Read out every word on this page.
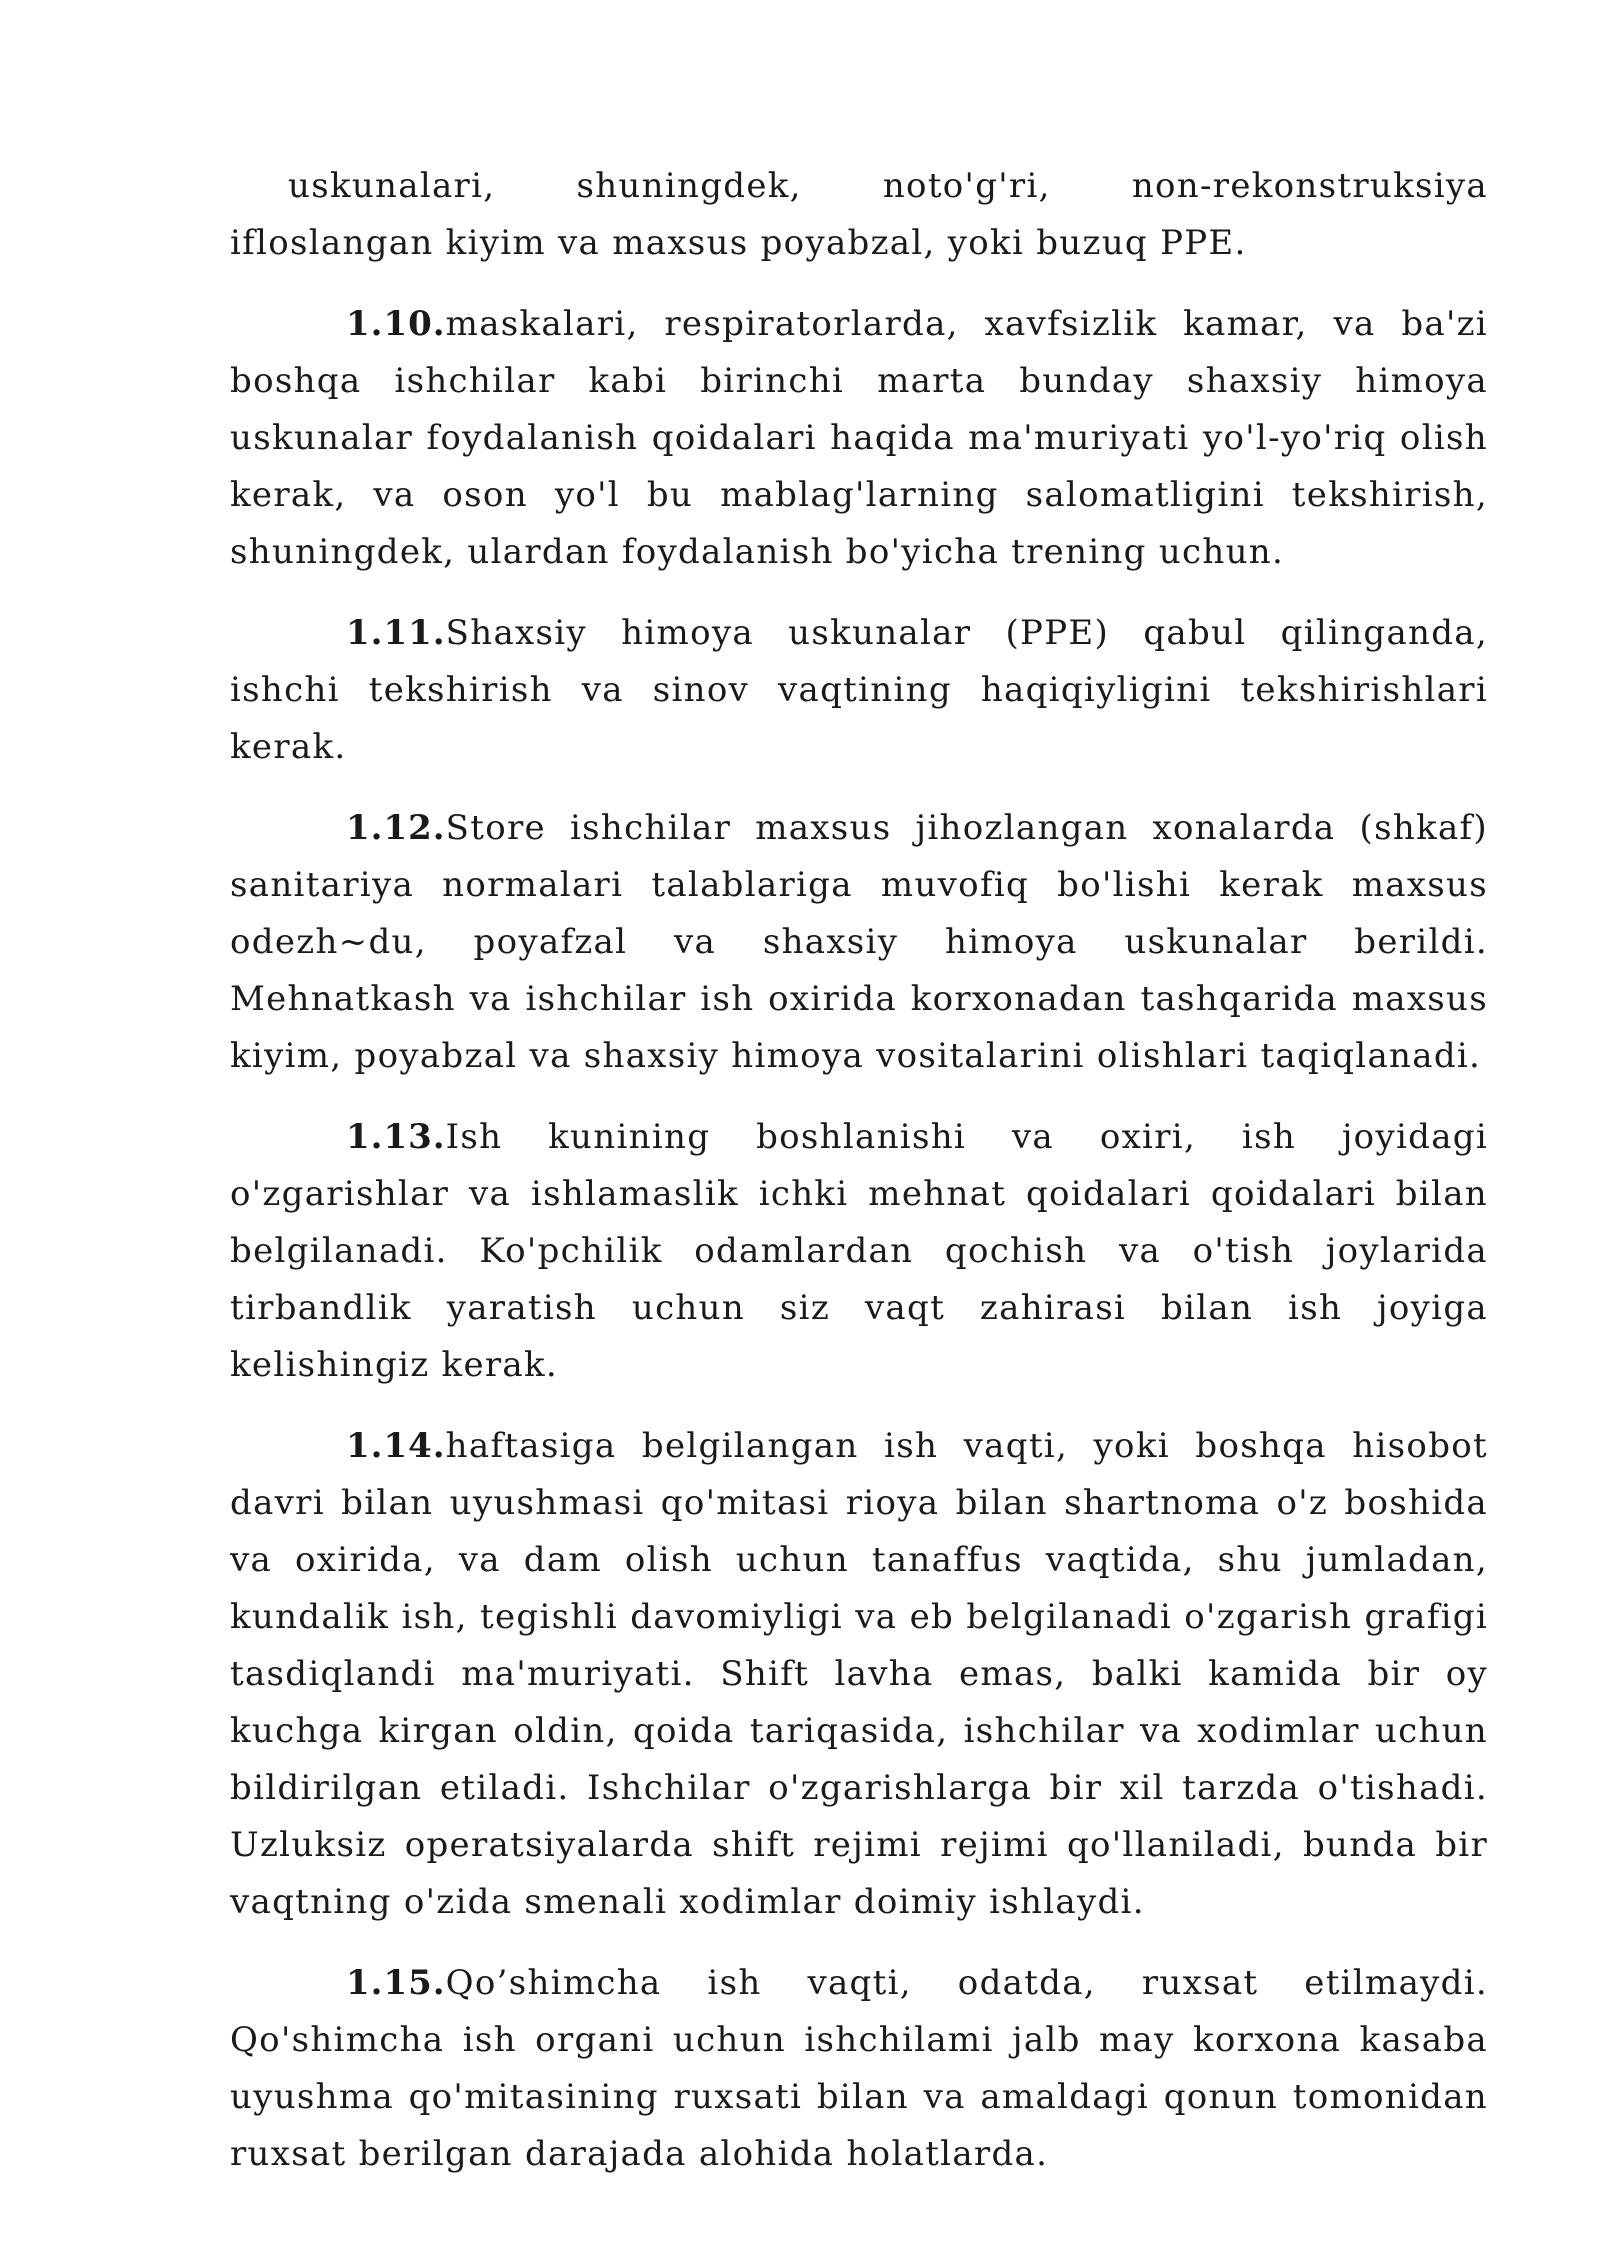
uskunalari, shuningdek, noto'g'ri, non-rekonstruksiya ifloslangan kiyim va maxsus poyabzal, yoki buzuq PPE.

1.10.maskalari, respiratorlarda, xavfsizlik kamar, va ba'zi boshqa ishchilar kabi birinchi marta bunday shaxsiy himoya uskunalar foydalanish qoidalari haqida ma'muriyati yo'l-yo'riq olish kerak, va oson yo'l bu mablag'larning salomatligini tekshirish, shuningdek, ulardan foydalanish bo'yicha trening uchun.

1.11.Shaxsiy himoya uskunalar (PPE) qabul qilinganda, ishchi tekshirish va sinov vaqtining haqiqiyligini tekshirishlari kerak.

1.12.Store ishchilar maxsus jihozlangan xonalarda (shkaf) sanitariya normalari talablariga muvofiq bo'lishi kerak maxsus odezh~du, poyafzal va shaxsiy himoya uskunalar berildi. Mehnatkash va ishchilar ish oxirida korxonadan tashqarida maxsus kiyim, poyabzal va shaxsiy himoya vositalarini olishlari taqiqlanadi.

1.13.Ish kunining boshlanishi va oxiri, ish joyidagi o'zgarishlar va ishlamaslik ichki mehnat qoidalari qoidalari bilan belgilanadi. Ko'pchilik odamlardan qochish va o'tish joylarida tirbandlik yaratish uchun siz vaqt zahirasi bilan ish joyiga kelishingiz kerak.

1.14.haftasiga belgilangan ish vaqti, yoki boshqa hisobot davri bilan uyushmasi qo'mitasi rioya bilan shartnoma o'z boshida va oxirida, va dam olish uchun tanaffus vaqtida, shu jumladan, kundalik ish, tegishli davomiyligi va eb belgilanadi o'zgarish grafigi tasdiqlandi ma'muriyati. Shift lavha emas, balki kamida bir oy kuchga kirgan oldin, qoida tariqasida, ishchilar va xodimlar uchun bildirilgan etiladi. Ishchilar o'zgarishlarga bir xil tarzda o'tishadi. Uzluksiz operatsiyalarda shift rejimi rejimi qo'llaniladi, bunda bir vaqtning o'zida smenali xodimlar doimiy ishlaydi.

1.15.Qo’shimcha ish vaqti, odatda, ruxsat etilmaydi. Qo'shimcha ish organi uchun ishchilami jalb may korxona kasaba uyushma qo'mitasining ruxsati bilan va amaldagi qonun tomonidan ruxsat berilgan darajada alohida holatlarda.
